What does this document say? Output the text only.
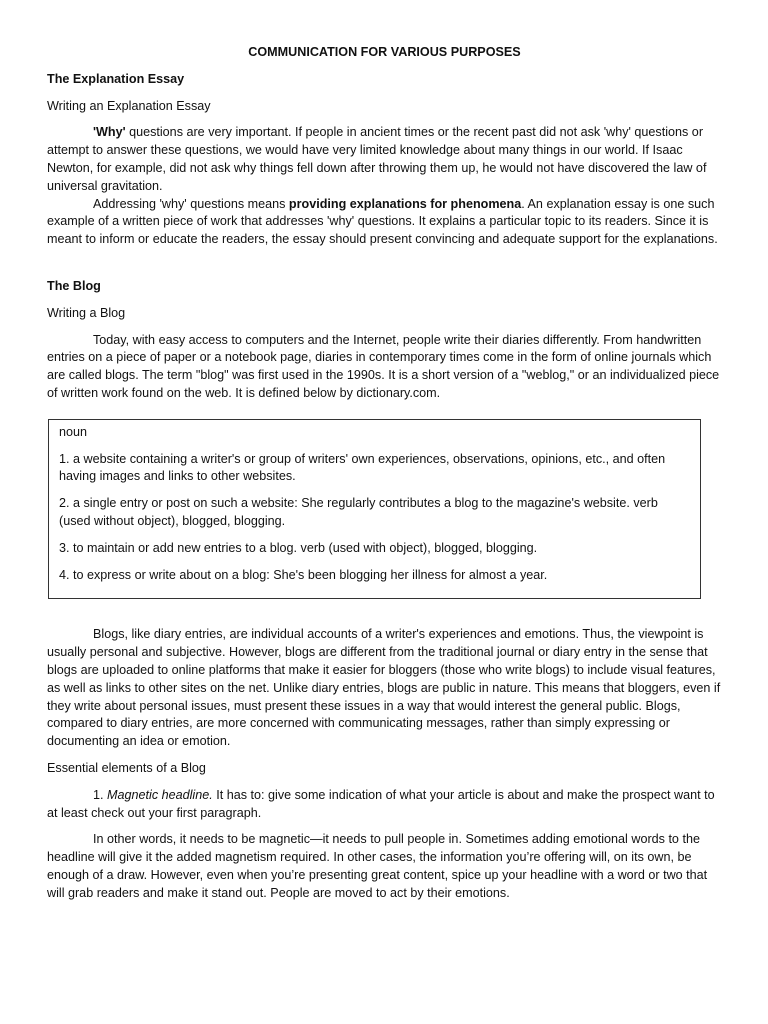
COMMUNICATION FOR VARIOUS PURPOSES
The Explanation Essay
Writing an Explanation Essay

'Why' questions are very important. If people in ancient times or the recent past did not ask 'why' questions or attempt to answer these questions, we would have very limited knowledge about many things in our world. If Isaac Newton, for example, did not ask why things fell down after throwing them up, he would not have discovered the law of universal gravitation.

Addressing 'why' questions means providing explanations for phenomena. An explanation essay is one such example of a written piece of work that addresses 'why' questions. It explains a particular topic to its readers. Since it is meant to inform or educate the readers, the essay should present convincing and adequate support for the explanations.

The Blog
Writing a Blog

Today, with easy access to computers and the Internet, people write their diaries differently. From handwritten entries on a piece of paper or a notebook page, diaries in contemporary times come in the form of online journals which are called blogs. The term "blog" was first used in the 1990s. It is a short version of a "weblog," or an individualized piece of written work found on the web. It is defined below by dictionary.com.

noun
1. a website containing a writer's or group of writers' own experiences, observations, opinions, etc., and often having images and links to other websites.
2. a single entry or post on such a website: She regularly contributes a blog to the magazine's website. verb (used without object), blogged, blogging.
3. to maintain or add new entries to a blog. verb (used with object), blogged, blogging.
4. to express or write about on a blog: She's been blogging her illness for almost a year.

Blogs, like diary entries, are individual accounts of a writer's experiences and emotions. Thus, the viewpoint is usually personal and subjective. However, blogs are different from the traditional journal or diary entry in the sense that blogs are uploaded to online platforms that make it easier for bloggers (those who write blogs) to include visual features, as well as links to other sites on the net. Unlike diary entries, blogs are public in nature. This means that bloggers, even if they write about personal issues, must present these issues in a way that would interest the general public. Blogs, compared to diary entries, are more concerned with communicating messages, rather than simply expressing or documenting an idea or emotion.

Essential elements of a Blog

1. Magnetic headline. It has to: give some indication of what your article is about and make the prospect want to at least check out your first paragraph.

In other words, it needs to be magnetic—it needs to pull people in. Sometimes adding emotional words to the headline will give it the added magnetism required. In other cases, the information you’re offering will, on its own, be enough of a draw. However, even when you’re presenting great content, spice up your headline with a word or two that will grab readers and make it stand out. People are moved to act by their emotions.
